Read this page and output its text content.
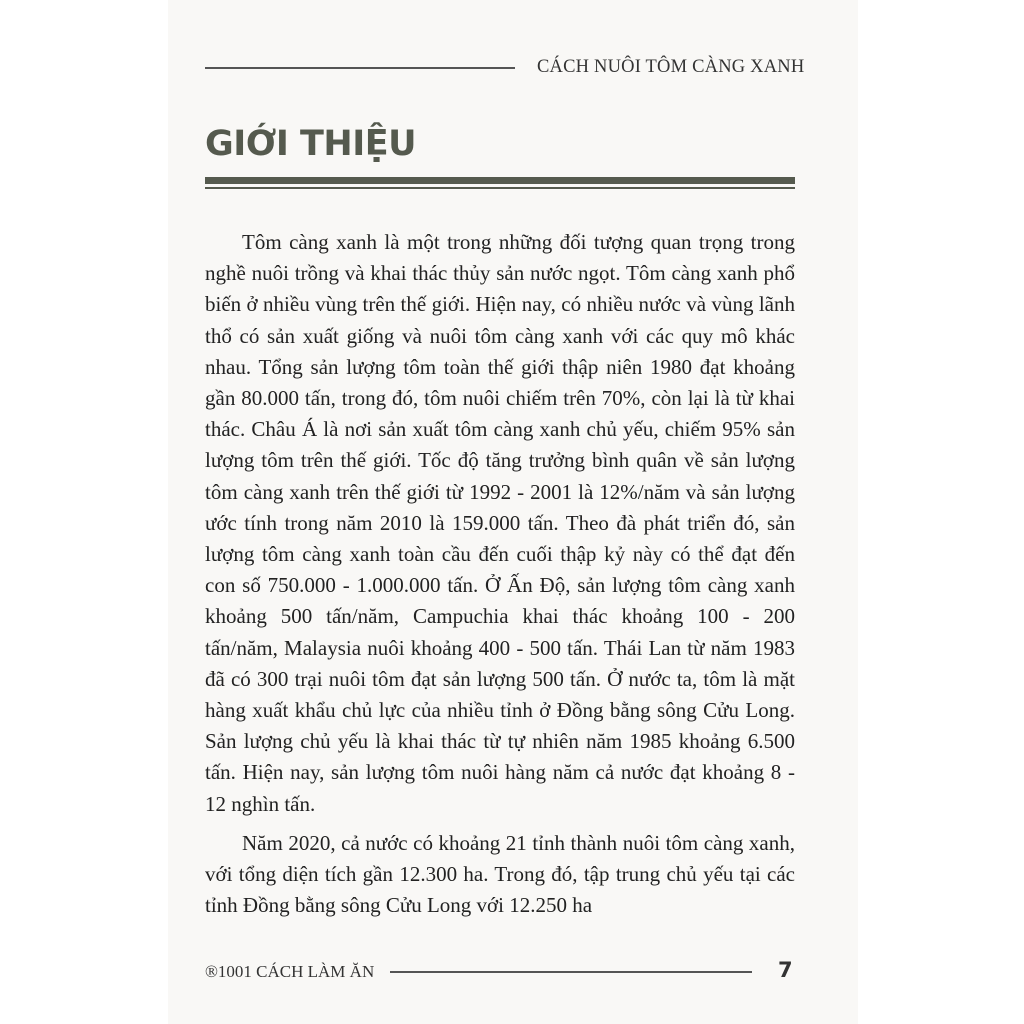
CÁCH NUÔI TÔM CÀNG XANH
GIỚI THIỆU

Tôm càng xanh là một trong những đối tượng quan trọng trong nghề nuôi trồng và khai thác thủy sản nước ngọt. Tôm càng xanh phổ biến ở nhiều vùng trên thế giới. Hiện nay, có nhiều nước và vùng lãnh thổ có sản xuất giống và nuôi tôm càng xanh với các quy mô khác nhau. Tổng sản lượng tôm toàn thế giới thập niên 1980 đạt khoảng gần 80.000 tấn, trong đó, tôm nuôi chiếm trên 70%, còn lại là từ khai thác. Châu Á là nơi sản xuất tôm càng xanh chủ yếu, chiếm 95% sản lượng tôm trên thế giới. Tốc độ tăng trưởng bình quân về sản lượng tôm càng xanh trên thế giới từ 1992 - 2001 là 12%/năm và sản lượng ước tính trong năm 2010 là 159.000 tấn. Theo đà phát triển đó, sản lượng tôm càng xanh toàn cầu đến cuối thập kỷ này có thể đạt đến con số 750.000 - 1.000.000 tấn. Ở Ấn Độ, sản lượng tôm càng xanh khoảng 500 tấn/năm, Campuchia khai thác khoảng 100 - 200 tấn/năm, Malaysia nuôi khoảng 400 - 500 tấn. Thái Lan từ năm 1983 đã có 300 trại nuôi tôm đạt sản lượng 500 tấn. Ở nước ta, tôm là mặt hàng xuất khẩu chủ lực của nhiều tỉnh ở Đồng bằng sông Cửu Long. Sản lượng chủ yếu là khai thác từ tự nhiên năm 1985 khoảng 6.500 tấn. Hiện nay, sản lượng tôm nuôi hàng năm cả nước đạt khoảng 8 - 12 nghìn tấn.

Năm 2020, cả nước có khoảng 21 tỉnh thành nuôi tôm càng xanh, với tổng diện tích gần 12.300 ha. Trong đó, tập trung chủ yếu tại các tỉnh Đồng bằng sông Cửu Long với 12.250 ha

®1001 CÁCH LÀM ĂN	7
